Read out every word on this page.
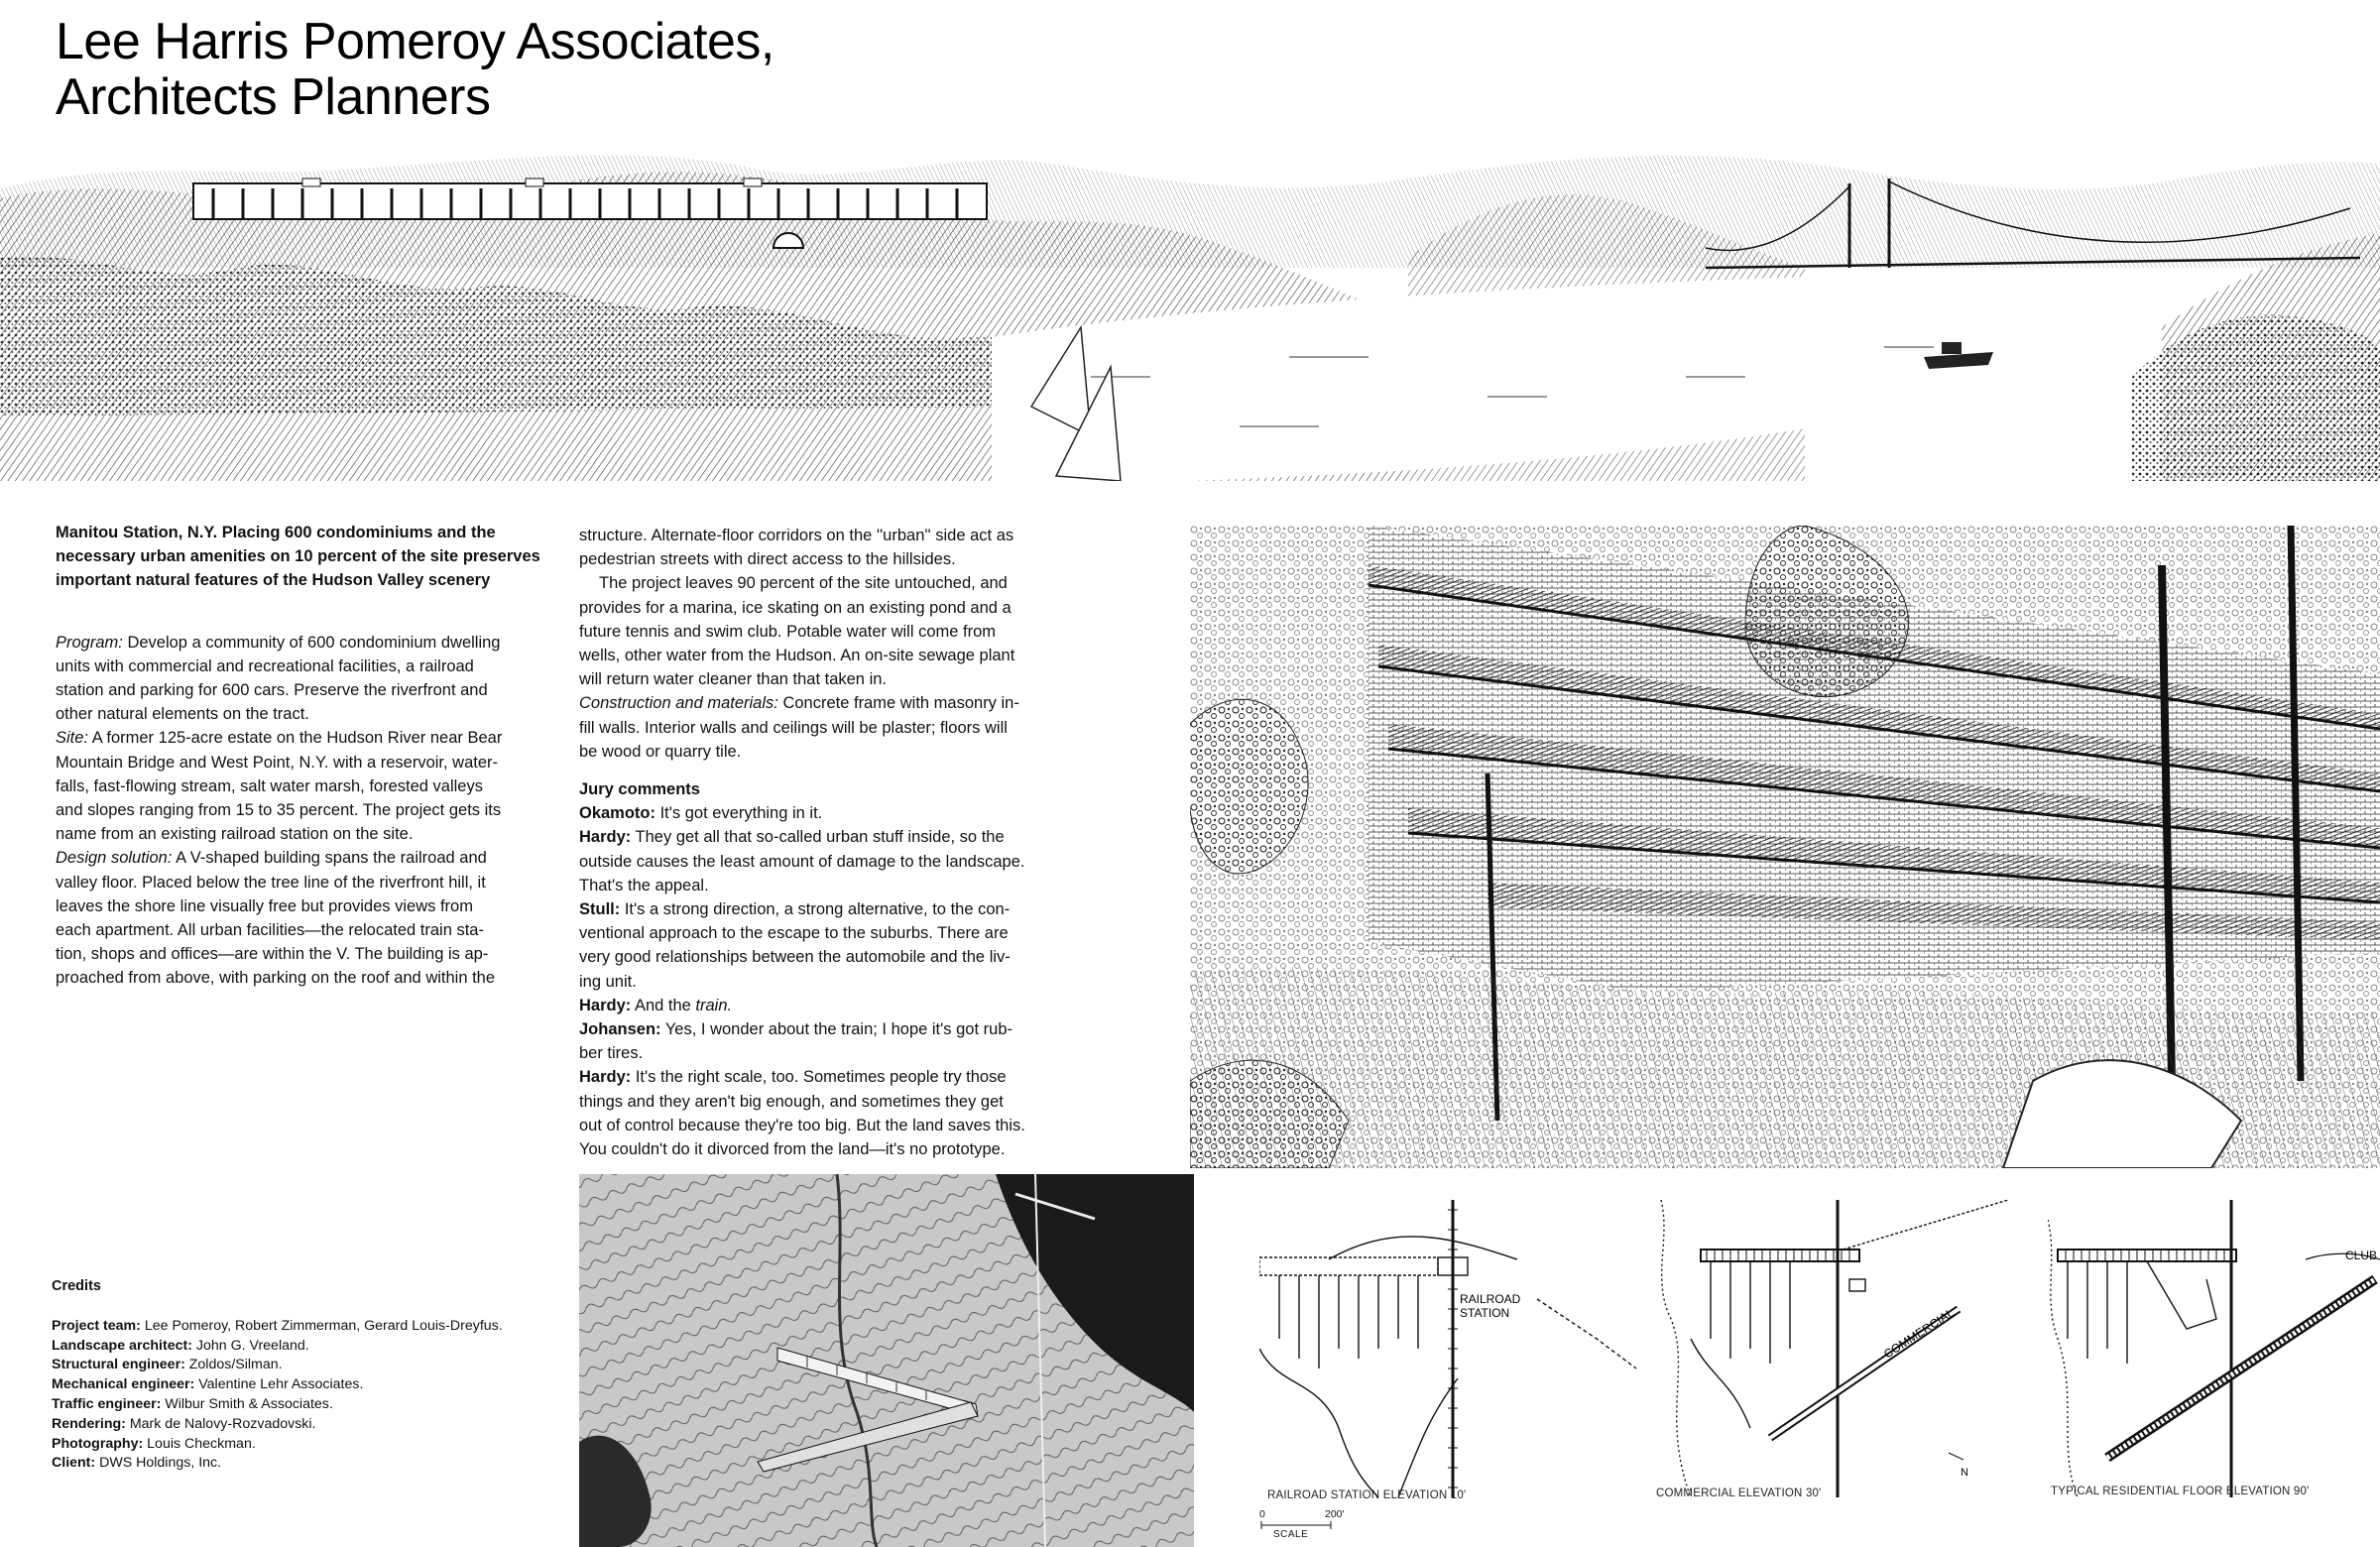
Lee Harris Pomeroy Associates,
Architects Planners
Manitou Station, N.Y. Placing 600 condominiums and the
necessary urban amenities on 10 percent of the site preserves
important natural features of the Hudson Valley scenery
Program: Develop a community of 600 condominium dwelling
units with commercial and recreational facilities, a railroad
station and parking for 600 cars. Preserve the riverfront and
other natural elements on the tract.
Site: A former 125-acre estate on the Hudson River near Bear
Mountain Bridge and West Point, N.Y. with a reservoir, water-
falls, fast-flowing stream, salt water marsh, forested valleys
and slopes ranging from 15 to 35 percent. The project gets its
name from an existing railroad station on the site.
Design solution: A V-shaped building spans the railroad and
valley floor. Placed below the tree line of the riverfront hill, it
leaves the shore line visually free but provides views from
each apartment. All urban facilities—the relocated train sta-
tion, shops and offices—are within the V. The building is ap-
proached from above, with parking on the roof and within the
structure. Alternate-floor corridors on the ''urban'' side act as
pedestrian streets with direct access to the hillsides.
The project leaves 90 percent of the site untouched, and
provides for a marina, ice skating on an existing pond and a
future tennis and swim club. Potable water will come from
wells, other water from the Hudson. An on-site sewage plant
will return water cleaner than that taken in.
Construction and materials: Concrete frame with masonry in-
fill walls. Interior walls and ceilings will be plaster; floors will
be wood or quarry tile.
Jury comments
Okamoto: It's got everything in it.
Hardy: They get all that so-called urban stuff inside, so the
outside causes the least amount of damage to the landscape.
That's the appeal.
Stull: It's a strong direction, a strong alternative, to the con-
ventional approach to the escape to the suburbs. There are
very good relationships between the automobile and the liv-
ing unit.
Hardy: And the train.
Johansen: Yes, I wonder about the train; I hope it's got rub-
ber tires.
Hardy: It's the right scale, too. Sometimes people try those
things and they aren't big enough, and sometimes they get
out of control because they're too big. But the land saves this.
You couldn't do it divorced from the land—it's no prototype.
Credits
Project team: Lee Pomeroy, Robert Zimmerman, Gerard Louis-Dreyfus.
Landscape architect: John G. Vreeland.
Structural engineer: Zoldos/Silman.
Mechanical engineer: Valentine Lehr Associates.
Traffic engineer: Wilbur Smith & Associates.
Rendering: Mark de Nalovy-Rozvadovski.
Photography: Louis Checkman.
Client: DWS Holdings, Inc.
RAILROAD
STATION	COMMERCIAL
N
CLUB
RAILROAD STATION ELEVATION 10'	COMMERCIAL ELEVATION 30'	TYPICAL RESIDENTIAL FLOOR ELEVATION 90'
0	200'
SCALE
